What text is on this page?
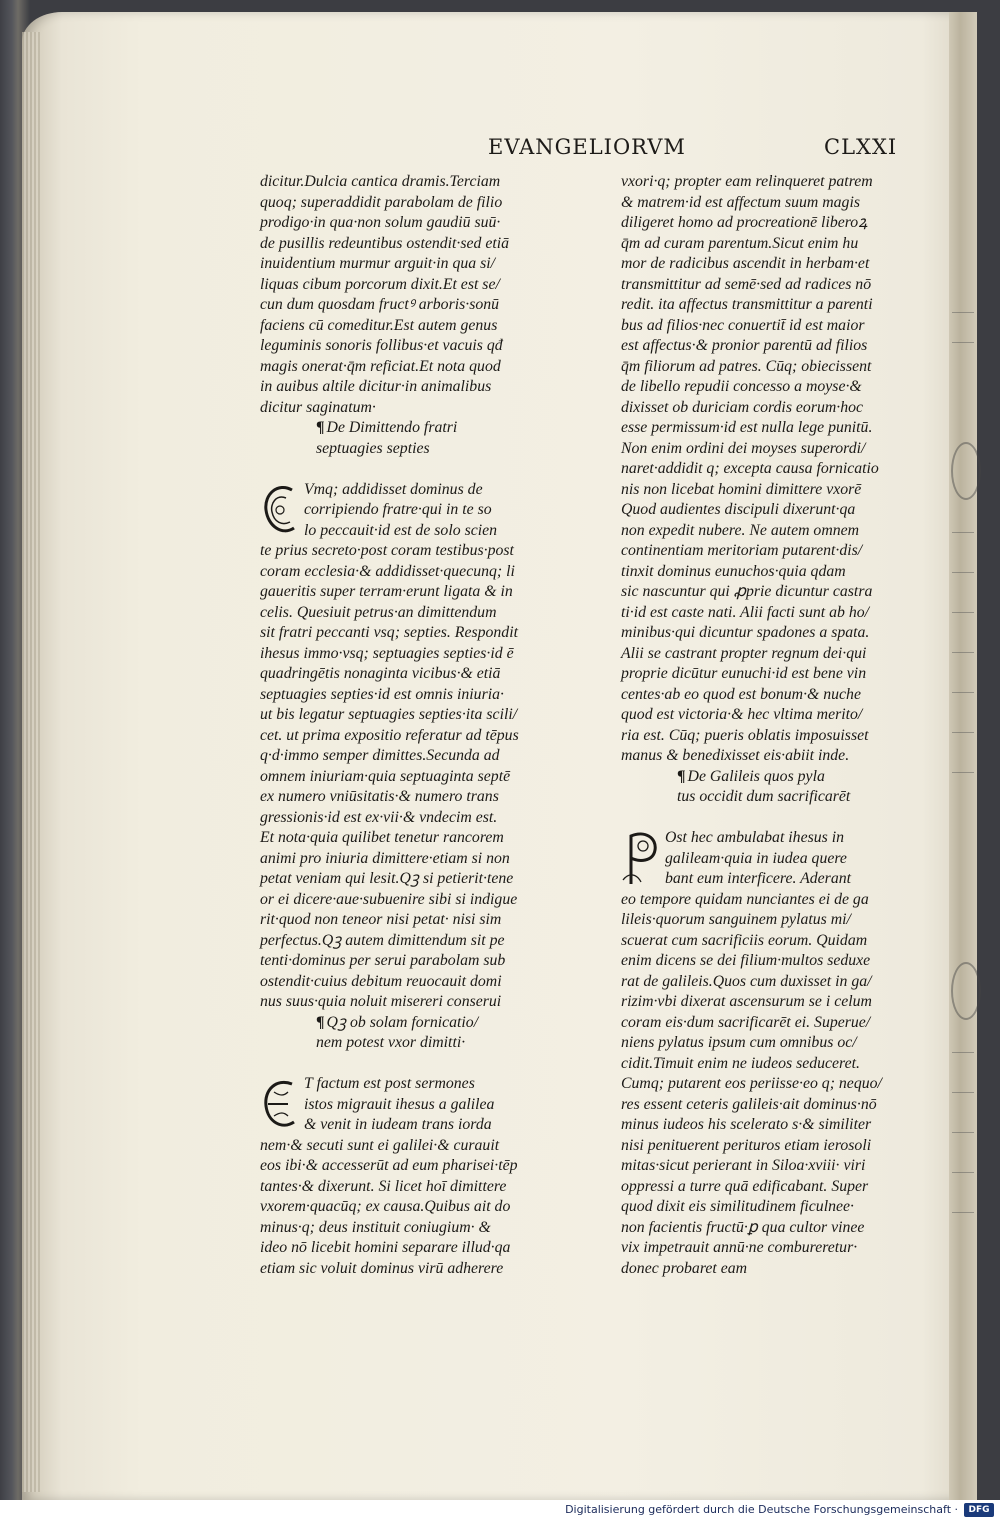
EVANGELIORVM	CLXXI
dicitur.Dulcia cantica dramis.Terciam
quoq; superaddidit parabolam de filio
prodigo·in qua·non solum gaudiū suū·
de pusillis redeuntibus ostendit·sed etiā
inuidentium murmur arguit·in qua si/
liquas cibum porcorum dixit.Et est se/
cun dum quosdam fructꝰ arboris·sonū
faciens cū comeditur.Est autem genus
leguminis sonoris follibus·et vacuis qđ
magis onerat·q̄m reficiat.Et nota quod
in auibus altile dicitur·in animalibus
dicitur saginatum·
¶ De Dimittendo fratri
septuagies septies
Vmq; addidisset dominus de
corripiendo fratre·qui in te so
lo peccauit·id est de solo scien
te prius secreto·post coram testibus·post
coram ecclesia·& addidisset·quecunq; li
gaueritis super terram·erunt ligata & in
celis. Quesiuit petrus·an dimittendum
sit fratri peccanti vsq; septies. Respondit
ihesus immo·vsq; septuagies septies·id ē
quadringētis nonaginta vicibus·& etiā
septuagies septies·id est omnis iniuria·
ut bis legatur septuagies septies·ita scili/
cet. ut prima expositio referatur ad tēpus
q·d·immo semper dimittes.Secunda ad
omnem iniuriam·quia septuaginta septē
ex numero vniūsitatis·& numero trans
gressionis·id est ex·vii·& vndecim est.
Et nota·quia quilibet tenetur rancorem
animi pro iniuria dimittere·etiam si non
petat veniam qui lesit.Qꝫ si petierit·tene
or ei dicere·aue·subuenire sibi si indigue
rit·quod non teneor nisi petat· nisi sim
perfectus.Qꝫ autem dimittendum sit pe
tenti·dominus per serui parabolam sub
ostendit·cuius debitum reuocauit domi
nus suus·quia noluit misereri conserui
¶ Qꝫ ob solam fornicatio/
nem potest vxor dimitti·
T factum est post sermones
istos migrauit ihesus a galilea
& venit in iudeam trans iorda
nem·& secuti sunt ei galilei·& curauit
eos ibi·& accesserūt ad eum pharisei·tēp
tantes·& dixerunt. Si licet hoī dimittere
vxorem·quacūq; ex causa.Quibus ait do
minus·q; deus instituit coniugium· &
ideo nō licebit homini separare illud·qa
etiam sic voluit dominus virū adherere
vxori·q; propter eam relinqueret patrem
& matrem·id est affectum suum magis
diligeret homo ad procreationē liberoꝝ
q̄m ad curam parentum.Sicut enim hu
mor de radicibus ascendit in herbam·et
transmittitur ad semē·sed ad radices nō
redit. ita affectus transmittitur a parenti
bus ad filios·nec conuertit̄ id est maior
est affectus·& pronior parentū ad filios
q̄m filiorum ad patres. Cūq; obiecissent
de libello repudii concesso a moyse·&
dixisset ob duriciam cordis eorum·hoc
esse permissum·id est nulla lege punitū.
Non enim ordini dei moyses superordi/
naret·addidit q; excepta causa fornicatio
nis non licebat homini dimittere vxorē
Quod audientes discipuli dixerunt·qa
non expedit nubere. Ne autem omnem
continentiam meritoriam putarent·dis/
tinxit dominus eunuchos·quia qdam
sic nascuntur qui ꝓprie dicuntur castra
ti·id est caste nati. Alii facti sunt ab ho/
minibus·qui dicuntur spadones a spata.
Alii se castrant propter regnum dei·qui
proprie dicūtur eunuchi·id est bene vin
centes·ab eo quod est bonum·& nuche
quod est victoria·& hec vltima merito/
ria est. Cūq; pueris oblatis imposuisset
manus & benedixisset eis·abiit inde.
¶ De Galileis quos pyla
tus occidit dum sacrificarēt
Ost hec ambulabat ihesus in
galileam·quia in iudea quere
bant eum interficere. Aderant
eo tempore quidam nunciantes ei de ga
lileis·quorum sanguinem pylatus mi/
scuerat cum sacrificiis eorum. Quidam
enim dicens se dei filium·multos seduxe
rat de galileis.Quos cum duxisset in ga/
rizim·vbi dixerat ascensurum se i celum
coram eis·dum sacrificarēt ei. Superue/
niens pylatus ipsum cum omnibus oc/
cidit.Timuit enim ne iudeos seduceret.
Cumq; putarent eos periisse·eo q; nequo/
res essent ceteris galileis·ait dominus·nō
minus iudeos his scelerato s·& similiter
nisi penituerent perituros etiam ierosoli
mitas·sicut perierant in Siloa·xviii· viri
oppressi a turre quā edificabant. Super
quod dixit eis similitudinem ficulnee·
non facientis fructū·ꝑ qua cultor vinee
vix impetrauit annū·ne combureretur·
donec probaret eam
Digitalisierung gefördert durch die Deutsche Forschungsgemeinschaft ·	DFG
